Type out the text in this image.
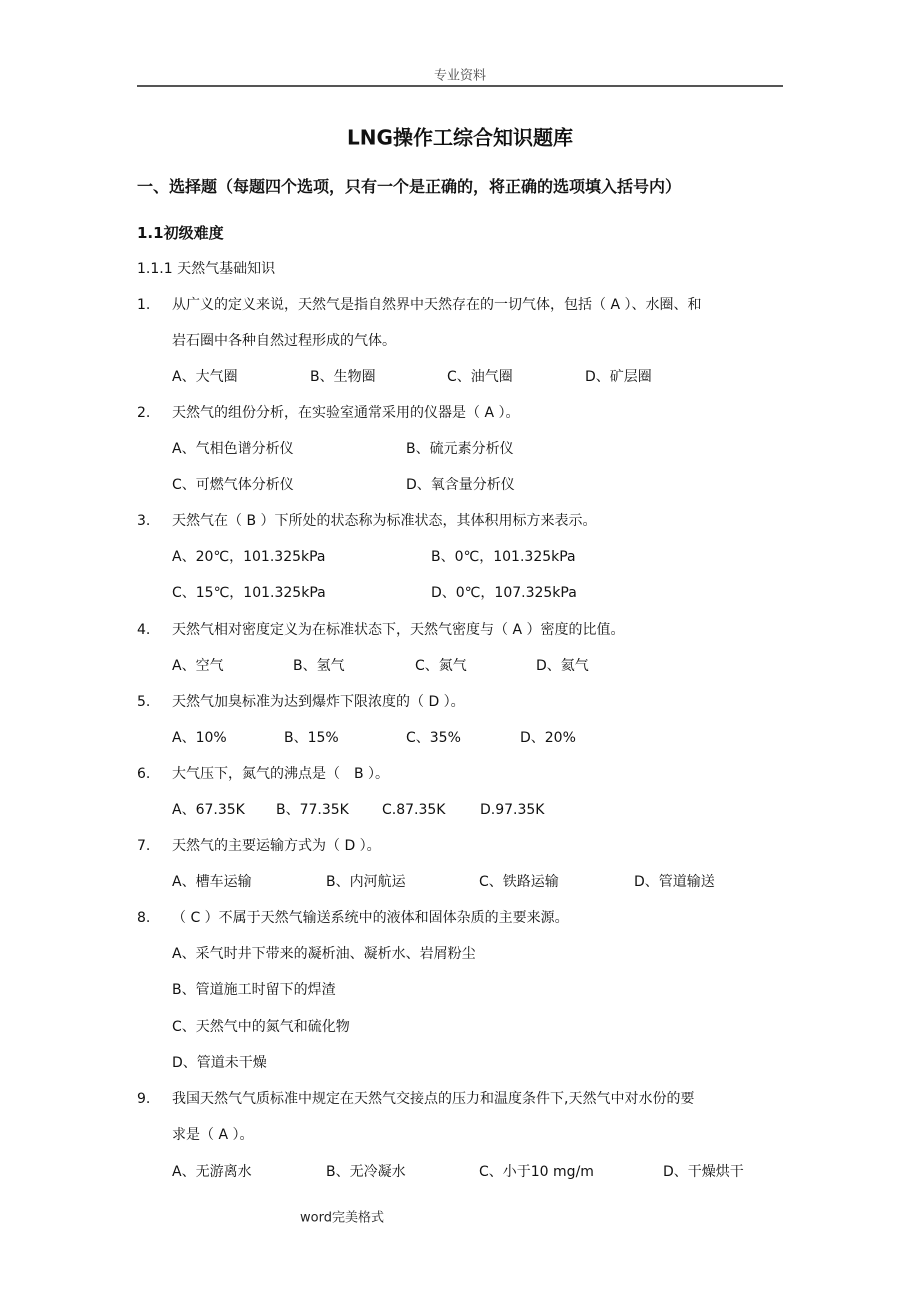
专业资料
LNG操作工综合知识题库
一、选择题（每题四个选项，只有一个是正确的，将正确的选项填入括号内）
1.1初级难度
1.1.1 天然气基础知识
1. 从广义的定义来说，天然气是指自然界中天然存在的一切气体，包括（ A ）、水圈、和
岩石圈中各种自然过程形成的气体。
A、大气圈	B、生物圈	C、油气圈	D、矿层圈
2. 天然气的组份分析，在实验室通常采用的仪器是（ A ）。
A、气相色谱分析仪	B、硫元素分析仪
C、可燃气体分析仪	D、氧含量分析仪
3. 天然气在（ B ）下所处的状态称为标准状态，其体积用标方来表示。
A、20℃，101.325kPa	B、0℃，101.325kPa
C、15℃，101.325kPa	D、0℃，107.325kPa
4. 天然气相对密度定义为在标准状态下，天然气密度与（ A ）密度的比值。
A、空气	B、氢气	C、氮气	D、氦气
5. 天然气加臭标准为达到爆炸下限浓度的（ D ）。
A、10%	B、15%	C、35%	D、20%
6. 大气压下，氮气的沸点是（　B ）。
A、67.35K B、77.35K C.87.35K D.97.35K
7. 天然气的主要运输方式为（ D ）。
A、槽车运输	B、内河航运	C、铁路运输	D、管道输送
8. （ C ）不属于天然气输送系统中的液体和固体杂质的主要来源。
A、采气时井下带来的凝析油、凝析水、岩屑粉尘
B、管道施工时留下的焊渣
C、天然气中的氮气和硫化物
D、管道未干燥
9. 我国天然气气质标准中规定在天然气交接点的压力和温度条件下,天然气中对水份的要
求是（ A ）。
A、无游离水	B、无冷凝水	C、小于10 mg/m	D、干燥烘干
word完美格式
